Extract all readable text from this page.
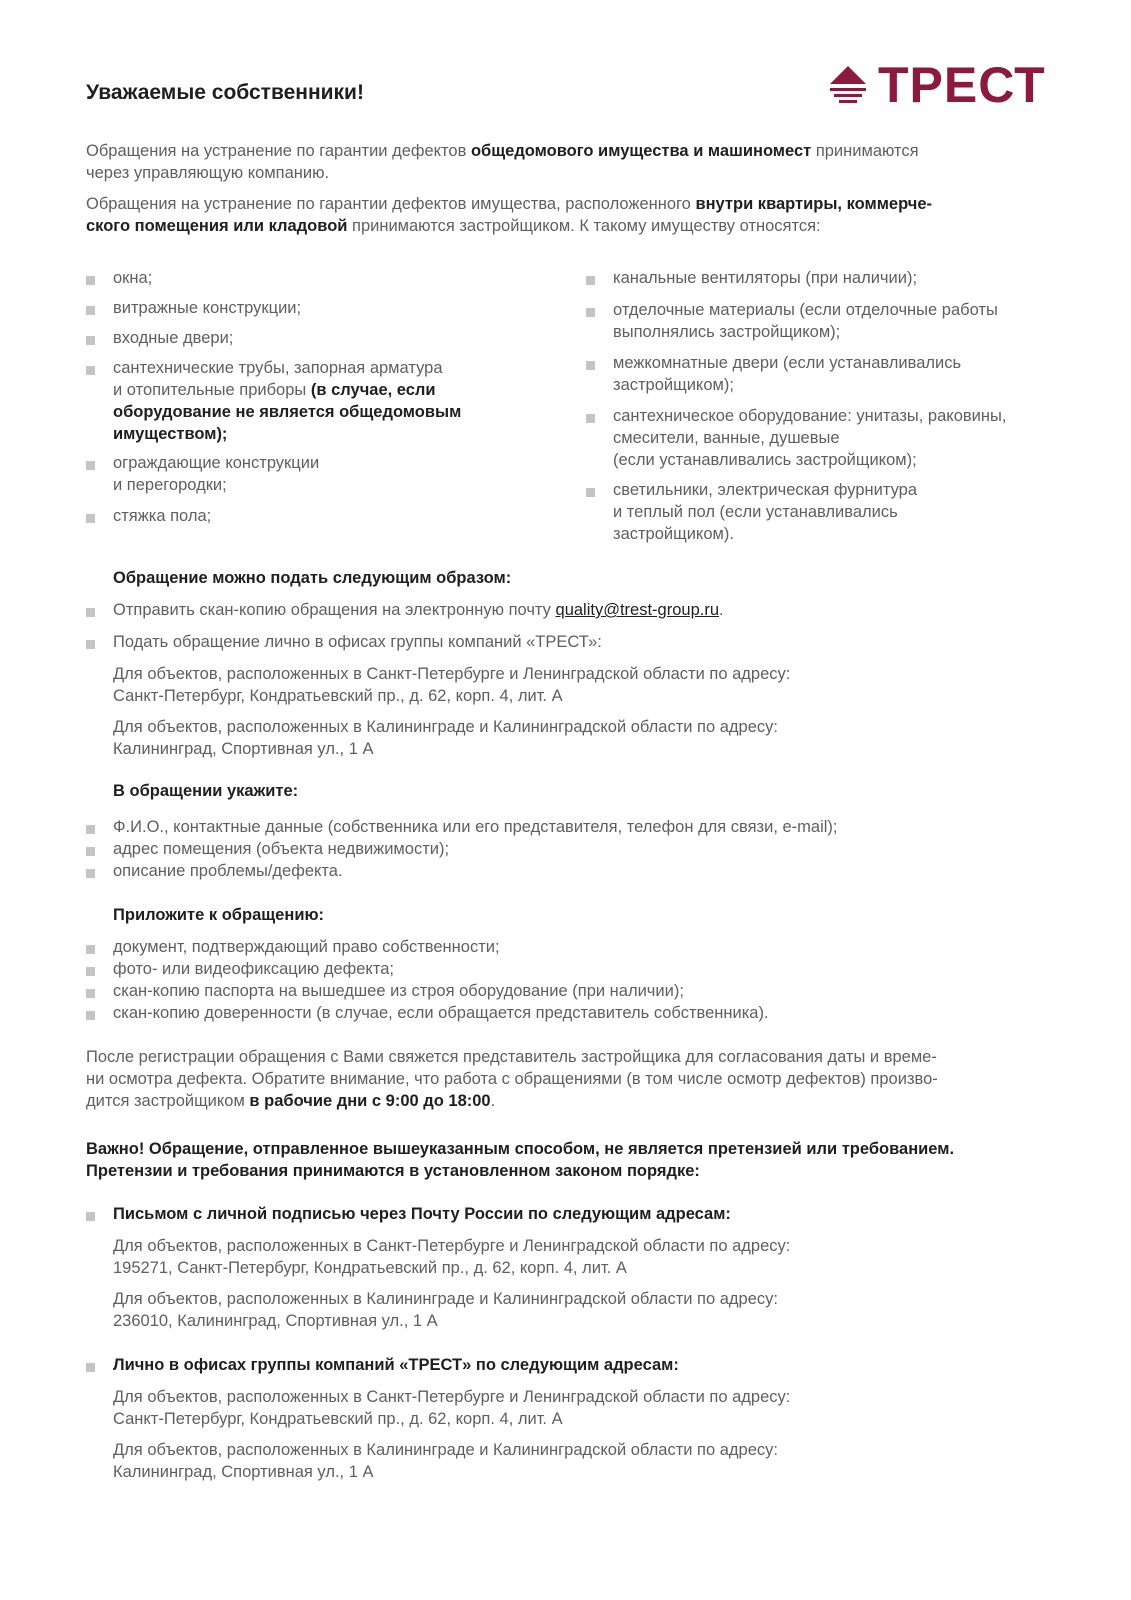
Уважаемые собственники!	ТРЕСТ
Обращения на устранение по гарантии дефектов общедомового имущества и машиномест принимаются
через управляющую компанию.
Обращения на устранение по гарантии дефектов имущества, расположенного внутри квартиры, коммерче-
ского помещения или кладовой принимаются застройщиком. К такому имуществу относятся:
окна;
витражные конструкции;
входные двери;
сантехнические трубы, запорная арматура
и отопительные приборы (в случае, если
оборудование не является общедомовым
имуществом);
ограждающие конструкции
и перегородки;
стяжка пола;
канальные вентиляторы (при наличии);
отделочные материалы (если отделочные работы
выполнялись застройщиком);
межкомнатные двери (если устанавливались
застройщиком);
сантехническое оборудование: унитазы, раковины,
смесители, ванные, душевые
(если устанавливались застройщиком);
светильники, электрическая фурнитура
и теплый пол (если устанавливались
застройщиком).
Обращение можно подать следующим образом:
Отправить скан-копию обращения на электронную почту quality@trest-group.ru.
Подать обращение лично в офисах группы компаний «ТРЕСТ»:
Для объектов, расположенных в Санкт-Петербурге и Ленинградской области по адресу:
Санкт-Петербург, Кондратьевский пр., д. 62, корп. 4, лит. А
Для объектов, расположенных в Калининграде и Калининградской области по адресу:
Калининград, Спортивная ул., 1 А
В обращении укажите:
Ф.И.О., контактные данные (собственника или его представителя, телефон для связи, e-mail);
адрес помещения (объекта недвижимости);
описание проблемы/дефекта.
Приложите к обращению:
документ, подтверждающий право собственности;
фото- или видеофиксацию дефекта;
скан-копию паспорта на вышедшее из строя оборудование (при наличии);
скан-копию доверенности (в случае, если обращается представитель собственника).
После регистрации обращения с Вами свяжется представитель застройщика для согласования даты и време-
ни осмотра дефекта. Обратите внимание, что работа с обращениями (в том числе осмотр дефектов) произво-
дится застройщиком в рабочие дни с 9:00 до 18:00.
Важно! Обращение, отправленное вышеуказанным способом, не является претензией или требованием.
Претензии и требования принимаются в установленном законом порядке:
Письмом с личной подписью через Почту России по следующим адресам:
Для объектов, расположенных в Санкт-Петербурге и Ленинградской области по адресу:
195271, Санкт-Петербург, Кондратьевский пр., д. 62, корп. 4, лит. А
Для объектов, расположенных в Калининграде и Калининградской области по адресу:
236010, Калининград, Спортивная ул., 1 А
Лично в офисах группы компаний «ТРЕСТ» по следующим адресам:
Для объектов, расположенных в Санкт-Петербурге и Ленинградской области по адресу:
Санкт-Петербург, Кондратьевский пр., д. 62, корп. 4, лит. А
Для объектов, расположенных в Калининграде и Калининградской области по адресу:
Калининград, Спортивная ул., 1 А
